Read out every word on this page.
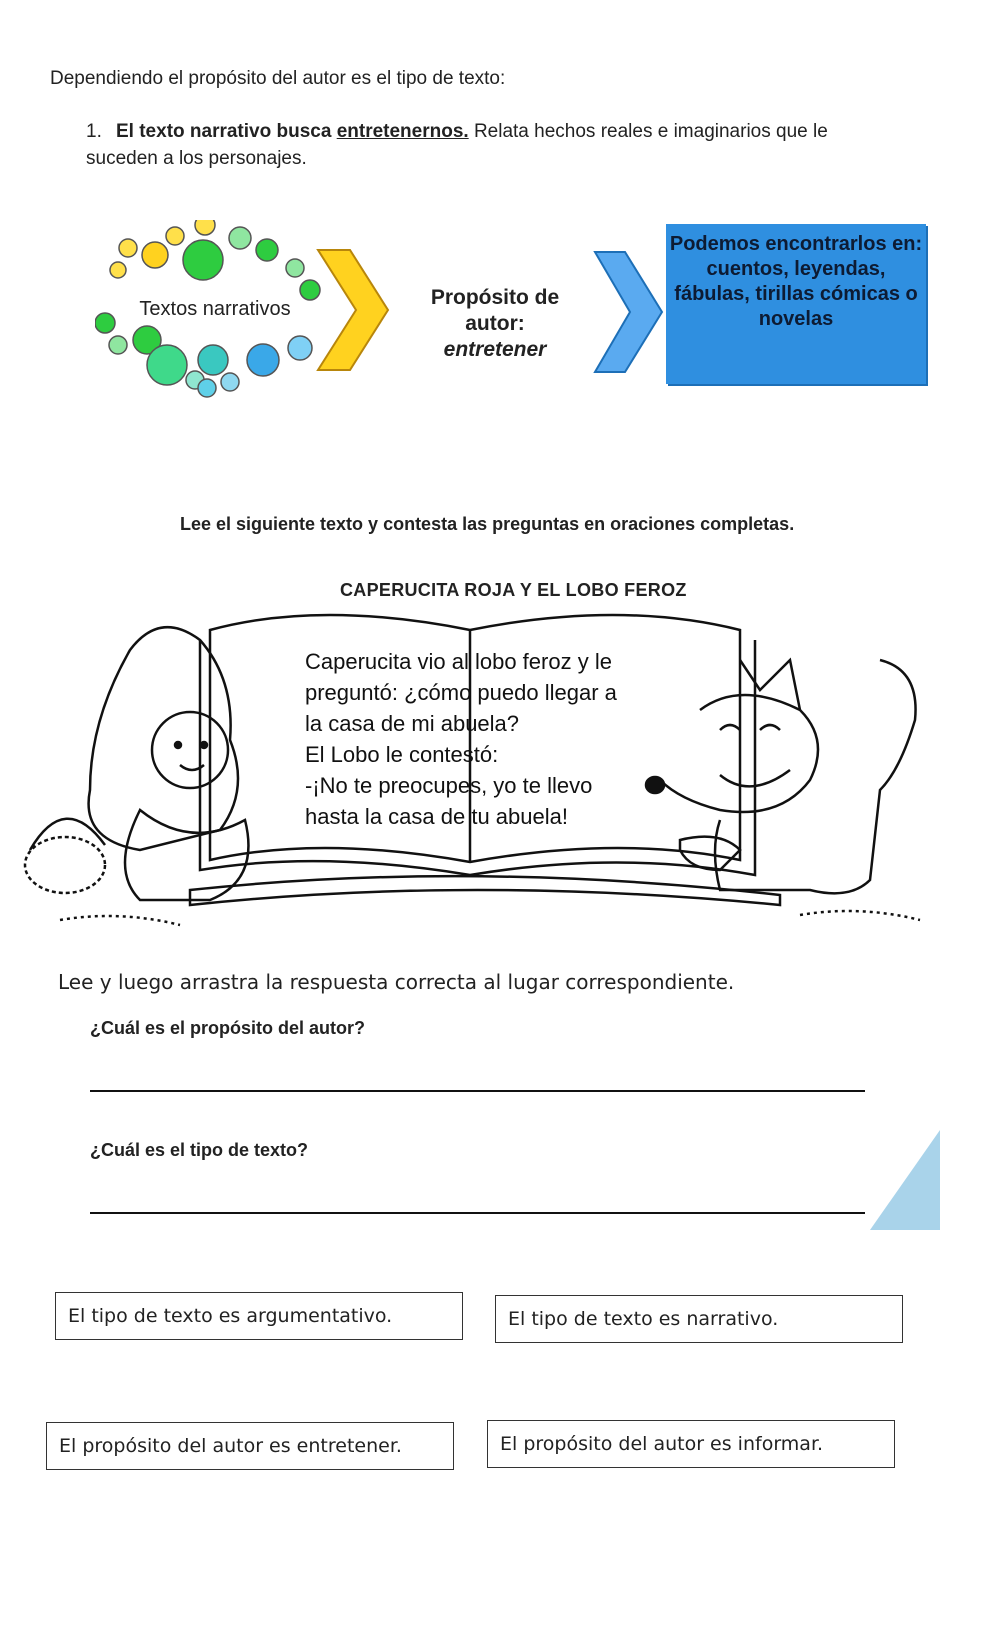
Dependiendo el propósito del autor es el tipo de texto:
1. El texto narrativo busca entretenernos. Relata hechos reales e imaginarios que le suceden a los personajes.
Textos narrativos	Propósito de autor:
entretener
Podemos encontrarlos en: cuentos, leyendas, fábulas, tirillas cómicas o novelas
Lee el siguiente texto y contesta las preguntas en oraciones completas.
CAPERUCITA ROJA Y EL LOBO FEROZ
Caperucita vio al lobo feroz y le
preguntó: ¿cómo puedo llegar a
la casa de mi abuela?
El Lobo le contestó:
-¡No te preocupes, yo te llevo
hasta la casa de tu abuela!
Lee y luego arrastra la respuesta correcta al lugar correspondiente.
¿Cuál es el propósito del autor?
¿Cuál es el tipo de texto?
El tipo de texto es argumentativo.	El tipo de texto es narrativo.
El propósito del autor es entretener.	El propósito del autor es informar.
